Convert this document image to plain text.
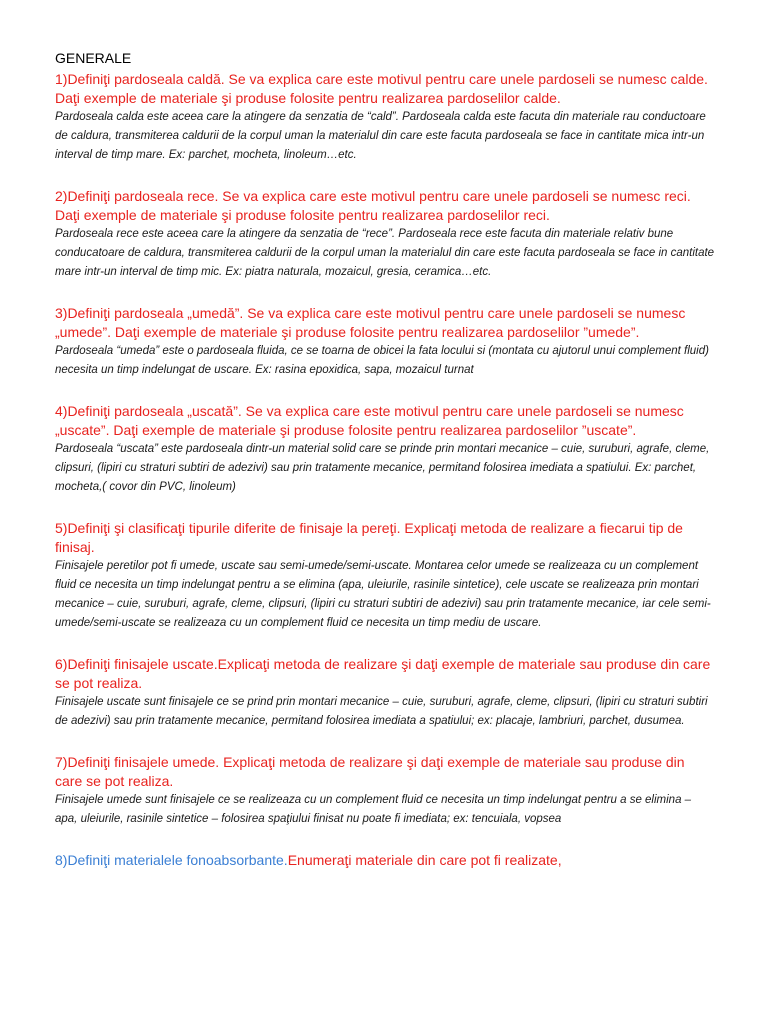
GENERALE

1)Definiţi pardoseala caldă. Se va explica care este motivul pentru care unele pardoseli se numesc calde. Daţi exemple de materiale şi produse folosite pentru realizarea pardoselilor calde.

Pardoseala calda este aceea care la atingere da senzatia de “cald”. Pardoseala calda este facuta din materiale rau conductoare de caldura, transmiterea caldurii de la corpul uman la materialul din care este facuta pardoseala se face in cantitate mica intr-un interval de timp mare. Ex: parchet, mocheta, linoleum…etc.

2)Definiţi pardoseala rece. Se va explica care este motivul pentru care unele pardoseli se numesc reci. Daţi exemple de materiale şi produse folosite pentru realizarea pardoselilor reci.

Pardoseala rece este aceea care la atingere da senzatia de “rece”. Pardoseala rece este facuta din materiale relativ bune conducatoare de caldura, transmiterea caldurii de la corpul uman la materialul din care este facuta pardoseala se face in cantitate mare intr-un interval de timp mic. Ex: piatra naturala, mozaicul, gresia, ceramica…etc.

3)Definiţi pardoseala „umedă”. Se va explica care este motivul pentru care unele pardoseli se numesc „umede”. Daţi exemple de materiale şi produse folosite pentru realizarea pardoselilor ”umede”.

Pardoseala “umeda” este o pardoseala fluida, ce se toarna de obicei la fata locului si (montata cu ajutorul unui complement fluid) necesita un timp indelungat de uscare. Ex: rasina epoxidica, sapa, mozaicul turnat

4)Definiţi pardoseala „uscată”. Se va explica care este motivul pentru care unele pardoseli se numesc „uscate”. Daţi exemple de materiale şi produse folosite pentru realizarea pardoselilor ”uscate”.

Pardoseala “uscata” este pardoseala dintr-un material solid care se prinde prin montari mecanice – cuie, suruburi, agrafe, cleme, clipsuri, (lipiri cu straturi subtiri de adezivi) sau prin tratamente mecanice, permitand folosirea imediata a spatiului. Ex: parchet, mocheta,( covor din PVC, linoleum)

5)Definiţi şi clasificaţi tipurile diferite de finisaje la pereţi. Explicaţi metoda de realizare a fiecarui tip de finisaj.

Finisajele peretilor pot fi umede, uscate sau semi-umede/semi-uscate. Montarea celor umede se realizeaza cu un complement fluid ce necesita un timp indelungat pentru a se elimina (apa, uleiurile, rasinile sintetice), cele uscate se realizeaza prin montari mecanice – cuie, suruburi, agrafe, cleme, clipsuri, (lipiri cu straturi subtiri de adezivi) sau prin tratamente mecanice, iar cele semi-umede/semi-uscate se realizeaza cu un complement fluid ce necesita un timp mediu de uscare.

6)Definiţi finisajele uscate.Explicaţi metoda de realizare şi daţi exemple de materiale sau produse din care se pot realiza.

Finisajele uscate sunt finisajele ce se prind prin montari mecanice – cuie, suruburi, agrafe, cleme, clipsuri, (lipiri cu straturi subtiri de adezivi) sau prin tratamente mecanice, permitand folosirea imediata a spatiului; ex: placaje, lambriuri, parchet, dusumea.

7)Definiţi finisajele umede. Explicaţi metoda de realizare şi daţi exemple de materiale sau produse din care se pot realiza.

Finisajele umede sunt finisajele ce se realizeaza cu un complement fluid ce necesita un timp indelungat pentru a se elimina – apa, uleiurile, rasinile sintetice – folosirea spaţiului finisat nu poate fi imediata; ex: tencuiala, vopsea

8)Definiţi materialele fonoabsorbante.Enumeraţi materiale din care pot fi realizate,
